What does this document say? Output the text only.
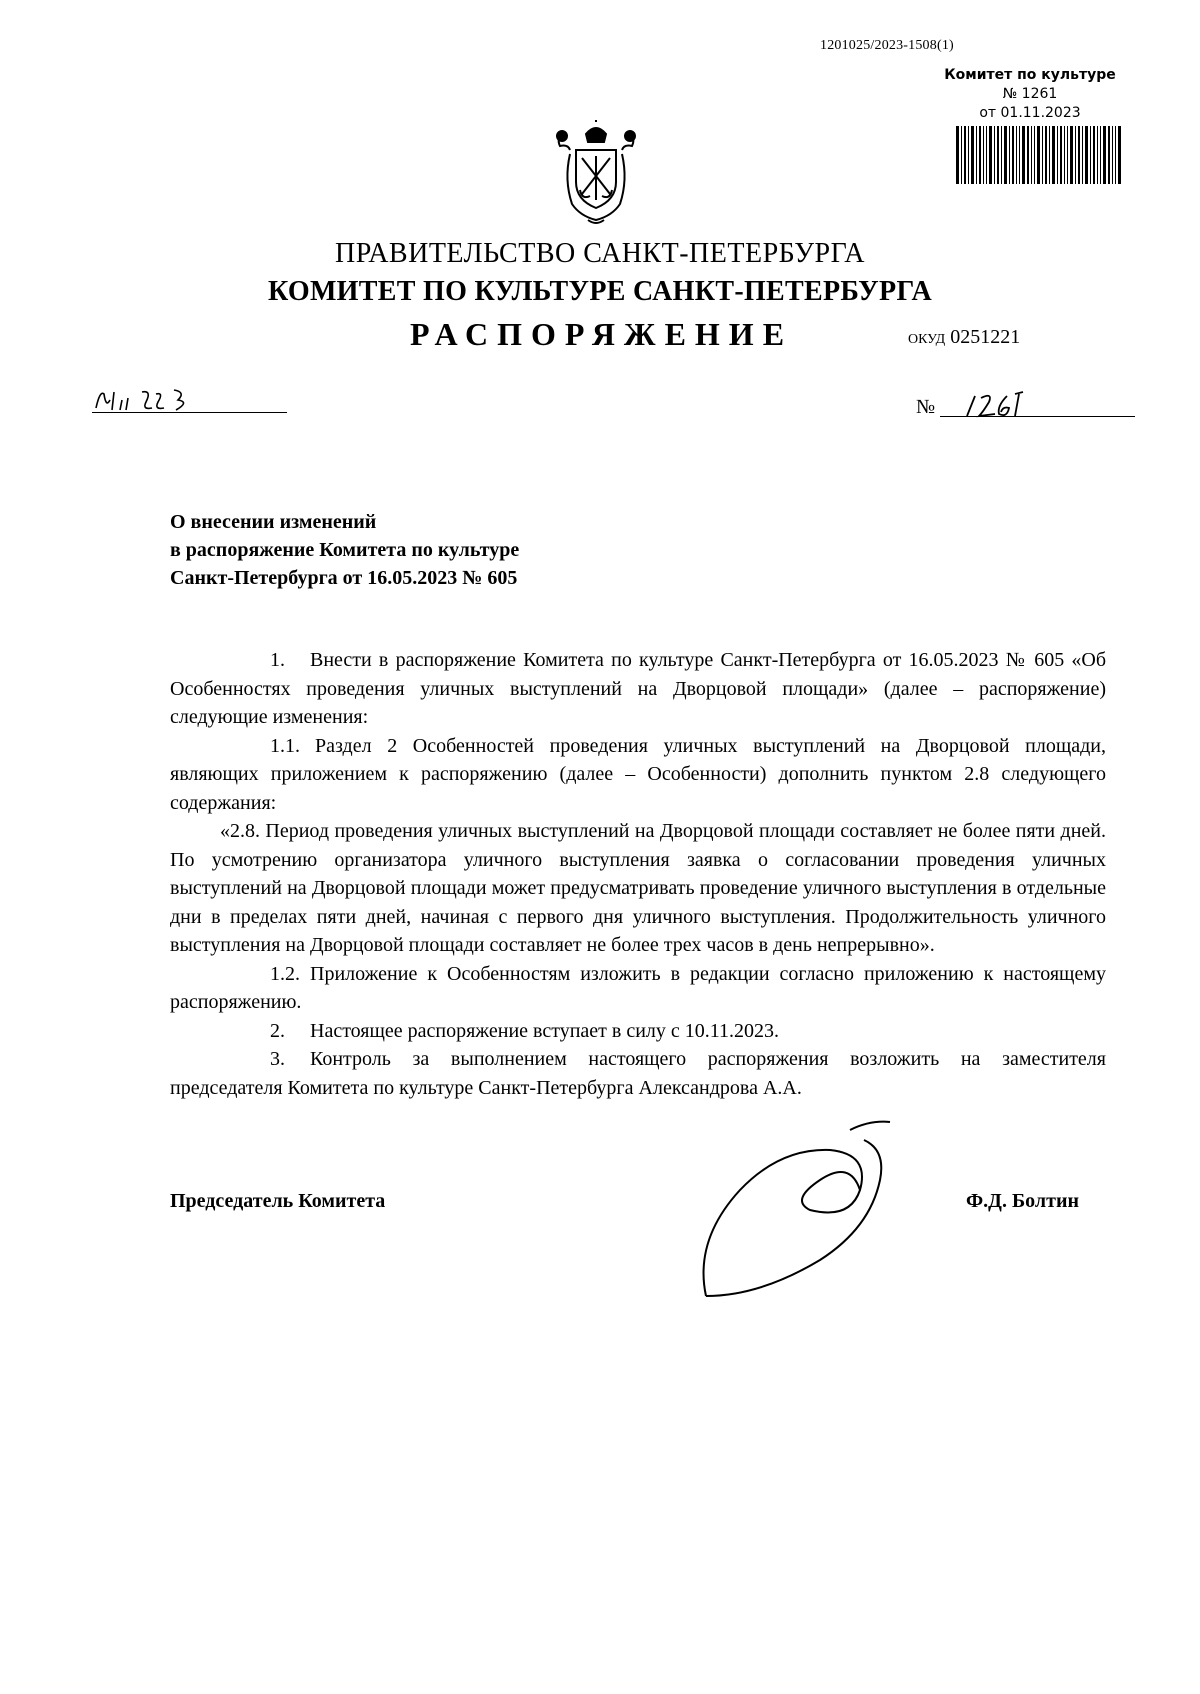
1201025/2023-1508(1)
Комитет по культуре
№ 1261
от 01.11.2023
ПРАВИТЕЛЬСТВО САНКТ-ПЕТЕРБУРГА
КОМИТЕТ ПО КУЛЬТУРЕ САНКТ-ПЕТЕРБУРГА
РАСПОРЯЖЕНИЕ	ОКУД 0251221
№
О внесении изменений
в распоряжение Комитета по культуре
Санкт-Петербурга от 16.05.2023 № 605

1. Внести в распоряжение Комитета по культуре Санкт-Петербурга от 16.05.2023 № 605 «Об Особенностях проведения уличных выступлений на Дворцовой площади» (далее – распоряжение) следующие изменения:

1.1. Раздел 2 Особенностей проведения уличных выступлений на Дворцовой площади, являющих приложением к распоряжению (далее – Особенности) дополнить пунктом 2.8 следующего содержания:

«2.8. Период проведения уличных выступлений на Дворцовой площади составляет не более пяти дней. По усмотрению организатора уличного выступления заявка о согласовании проведения уличных выступлений на Дворцовой площади может предусматривать проведение уличного выступления в отдельные дни в пределах пяти дней, начиная с первого дня уличного выступления. Продолжительность уличного выступления на Дворцовой площади составляет не более трех часов в день непрерывно».

1.2. Приложение к Особенностям изложить в редакции согласно приложению к настоящему распоряжению.

2. Настоящее распоряжение вступает в силу с 10.11.2023.

3. Контроль за выполнением настоящего распоряжения возложить на заместителя председателя Комитета по культуре Санкт-Петербурга Александрова А.А.

Председатель Комитета	Ф.Д. Болтин
